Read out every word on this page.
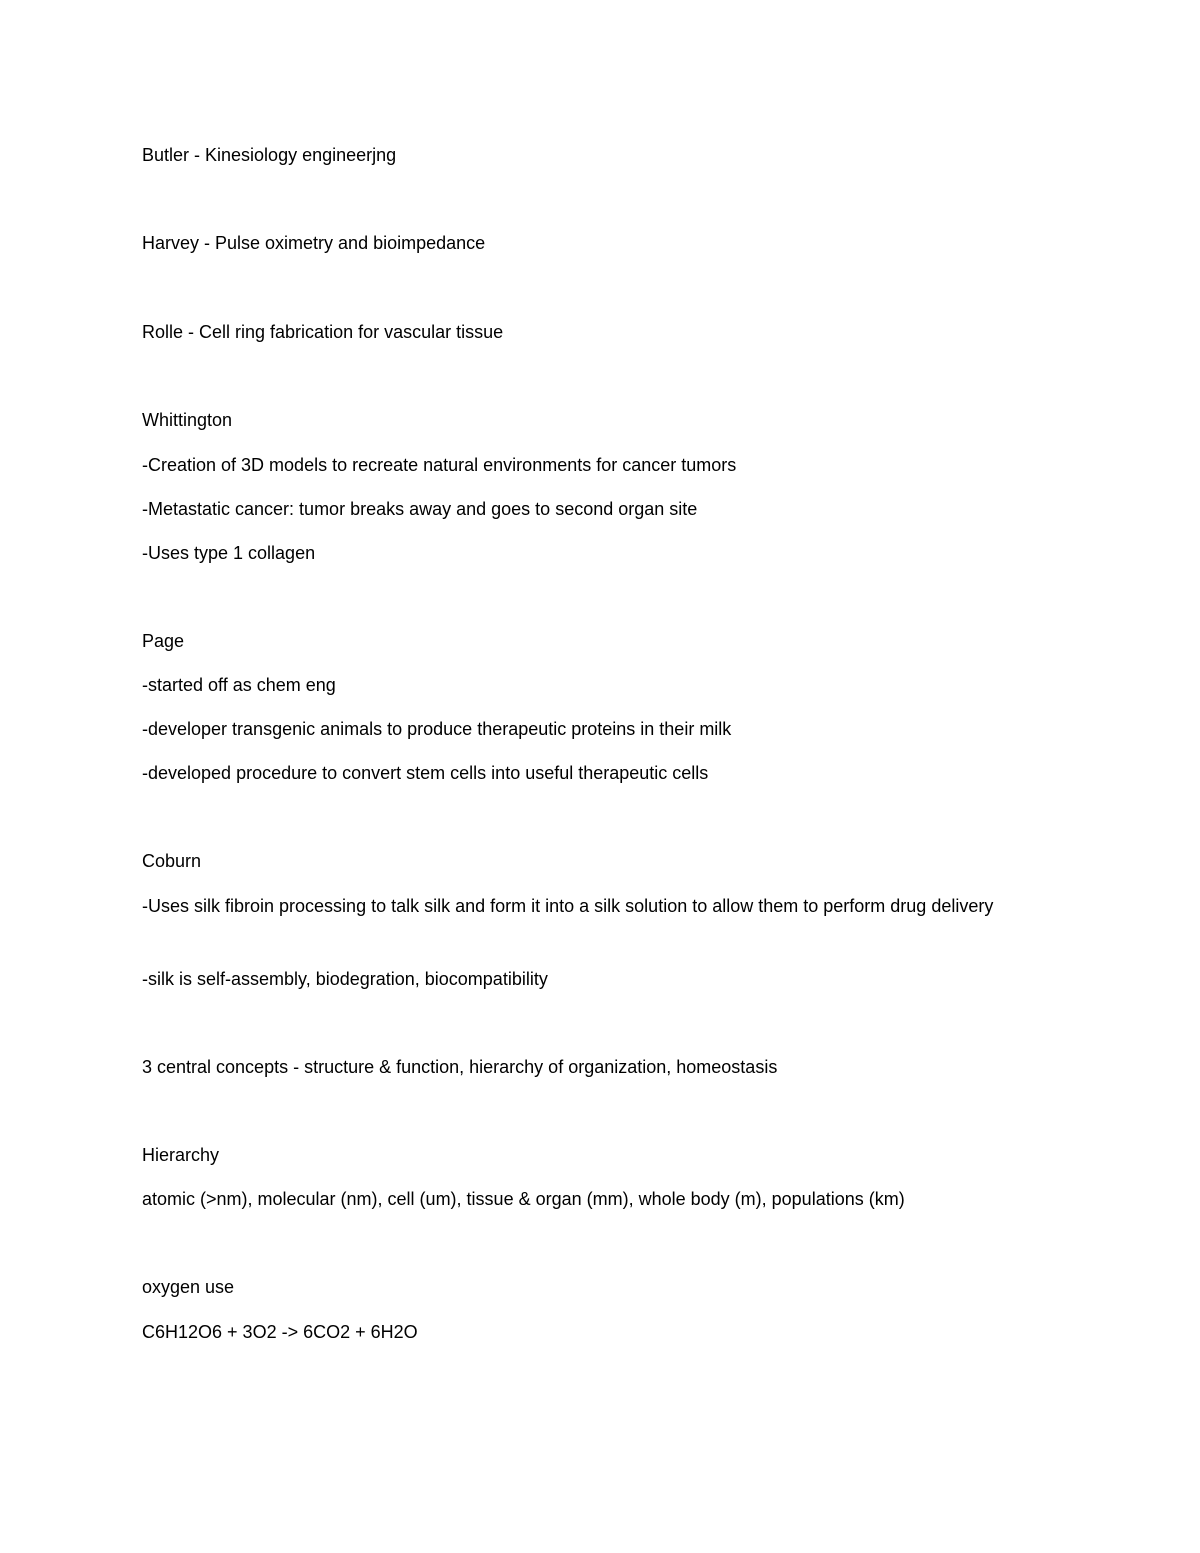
Butler - Kinesiology engineerjng
Harvey - Pulse oximetry and bioimpedance
Rolle - Cell ring fabrication for vascular tissue
Whittington
-Creation of 3D models to recreate natural environments for cancer tumors
-Metastatic cancer: tumor breaks away and goes to second organ site
-Uses type 1 collagen
Page
-started off as chem eng
-developer transgenic animals to produce therapeutic proteins in their milk
-developed procedure to convert stem cells into useful therapeutic cells
Coburn
-Uses silk fibroin processing to talk silk and form it into a silk solution to allow them to perform drug delivery
-silk is self-assembly, biodegration, biocompatibility
3 central concepts - structure & function, hierarchy of organization, homeostasis
Hierarchy
atomic (>nm), molecular (nm), cell (um), tissue & organ (mm), whole body (m), populations (km)
oxygen use
C6H12O6 + 3O2 -> 6CO2 + 6H2O
